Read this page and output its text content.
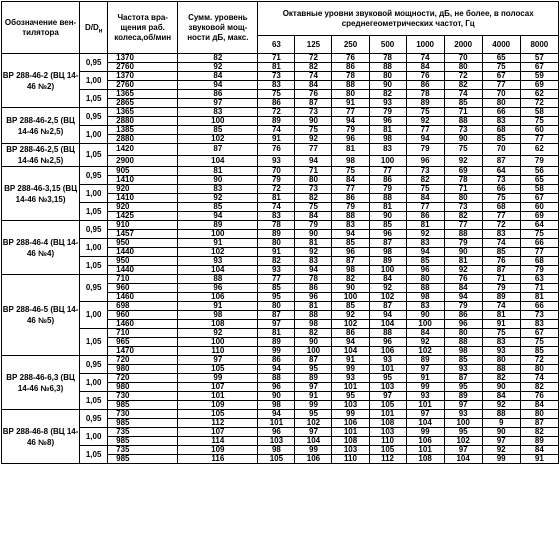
Обозначение вен-тилятора	$D/D_н$	Частота вра-щения раб. колеса,об/мин	Сумм. уровень звуковой мощ-ности дБ, макс.	Октавные уровни звуковой мощности, дБ, не более, в полосах среднегеометрических частот, Гц							
				63	125	250	500	1000	2000	4000	8000
ВР 288-46-2 (ВЦ 14-46 №2)	0,95	1370	82	71	72	76	78	74	70	65	57
		2760	92	81	82	86	88	84	80	75	67
	1,00	1370	84	73	74	78	80	76	72	67	59
		2760	94	83	84	88	90	86	82	77	69
	1,05	1365	86	75	76	80	82	78	74	70	62
		2865	97	86	87	91	93	89	85	80	72
ВР 288-46-2,5 (ВЦ 14-46 №2,5)	0,95	1365	83	72	73	77	79	75	71	66	58
		2880	100	89	90	94	96	92	88	83	75
	1,00	1385	85	74	75	79	81	77	73	68	60
		2880	102	91	92	96	98	94	90	85	77
ВР 288-46-2,5 (ВЦ 14-46 №2,5)	1,05	1420	87	76	77	81	83	79	75	70	62
		2900	104	93	94	98	100	96	92	87	79
ВР 288-46-3,15 (ВЦ 14-46 №3,15)	0,95	905	81	70	71	75	77	73	69	64	56
		1410	90	79	80	84	86	82	78	73	65
	1,00	920	83	72	73	77	79	75	71	66	58
		1410	92	81	82	86	88	84	80	75	67
	1,05	920	85	74	75	79	81	77	73	68	60
		1425	94	83	84	88	90	86	82	77	69
ВР 288-46-4 (ВЦ 14-46 №4)	0,95	910	89	78	79	83	85	81	77	72	64
		1457	100	89	90	94	96	92	88	83	75
	1,00	950	91	80	81	85	87	83	79	74	66
		1440	102	91	92	96	98	94	90	85	77
	1,05	950	93	82	83	87	89	85	81	76	68
		1440	104	93	94	98	100	96	92	87	79
ВР 288-46-5 (ВЦ 14-46 №5)	0,95	710	88	77	78	82	84	80	76	71	63
		960	96	85	86	90	92	88	84	79	71
		1460	106	95	96	100	102	98	94	89	81
	1,00	698	91	80	81	85	87	83	79	74	66
		960	98	87	88	92	94	90	86	81	73
		1460	108	97	98	102	104	100	96	91	83
	1,05	710	92	81	82	86	88	84	80	75	67
		965	100	89	90	94	96	92	88	83	75
		1470	110	99	100	104	106	102	98	93	85
ВР 288-46-6,3 (ВЦ 14-46 №6,3)	0,95	720	97	86	87	91	93	89	85	80	72
		980	105	94	95	99	101	97	93	88	80
	1,00	720	99	88	89	93	95	91	87	82	74
		980	107	96	97	101	103	99	95	90	82
	1,05	730	101	90	91	95	97	93	89	84	76
		985	109	98	99	103	105	101	97	92	84
ВР 288-46-8 (ВЦ 14-46 №8)	0,95	730	105	94	95	99	101	97	93	88	80
		985	112	101	102	106	108	104	100	9	87
	1,00	735	107	96	97	101	103	99	95	90	82
		985	114	103	104	108	110	106	102	97	89
	1,05	735	109	98	99	103	105	101	97	92	84
		985	116	105	106	110	112	108	104	99	91
